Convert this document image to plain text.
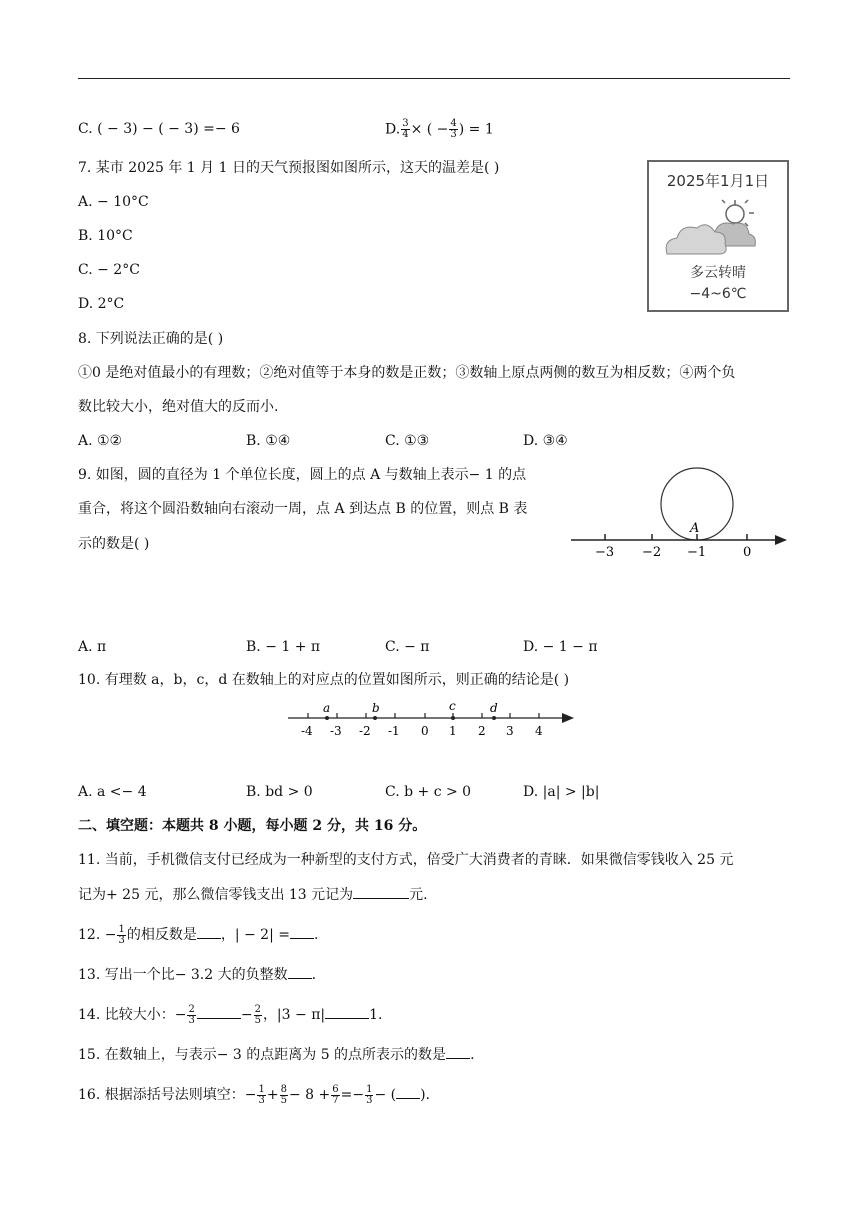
C. ( − 3) − ( − 3) =− 6	D. $\frac{3}{4}$ × ( − $\frac{4}{3}$ ) = 1
7. 某市 2025 年 1 月 1 日的天气预报图如图所示，这天的温差是( )
A. − 10°C
B. 10°C
C. − 2°C
D. 2°C
2025年1月1日
多云转晴
−4~6℃
8. 下列说法正确的是( )
①0 是绝对值最小的有理数；②绝对值等于本身的数是正数；③数轴上原点两侧的数互为相反数；④两个负
数比较大小，绝对值大的反而小.
A. ①②	B. ①④	C. ①③	D. ③④
9. 如图，圆的直径为 1 个单位长度，圆上的点 A 与数轴上表示− 1 的点
重合，将这个圆沿数轴向右滚动一周，点 A 到达点 B 的位置，则点 B 表
示的数是( )
−3 −2 −1	0
A
A. π	B. − 1 + π	C. − π	D. − 1 − π
10. 有理数 a，b，c，d 在数轴上的对应点的位置如图所示，则正确的结论是( )
a	b	c	d
-4 -3 -2 -1 0 1 2 3 4
A. a <− 4	B. bd > 0	C. b + c > 0	D. |a| > |b|
二、填空题：本题共 8 小题，每小题 2 分，共 16 分。
11. 当前，手机微信支付已经成为一种新型的支付方式，倍受广大消费者的青睐．如果微信零钱收入 25 元
记为+ 25 元，那么微信零钱支出 13 元记为	元.
12. − $\frac{1}{3}$ 的相反数是 ，| − 2| = .
13. 写出一个比− 3.2 大的负整数 .
14. 比较大小：− $\frac{2}{3}$	− $\frac{2}{5}$ ，|3 − π|	1.
15. 在数轴上，与表示− 3 的点距离为 5 的点所表示的数是 .
16. 根据添括号法则填空：− $\frac{1}{3} + \frac{8}{5} - 8 + \frac{6}{7} =- \frac{1}{3}$ − ( ).
